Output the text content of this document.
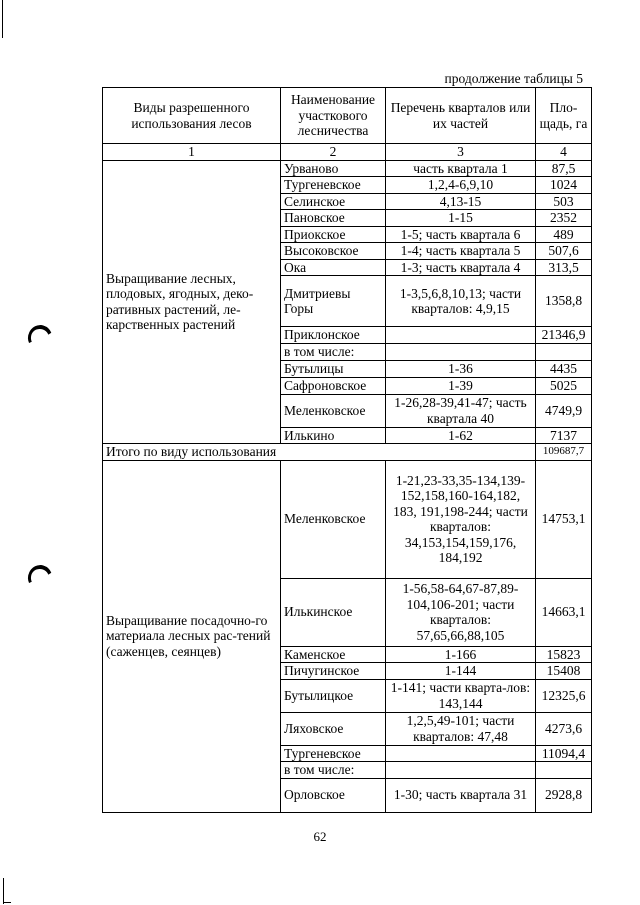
продолжение таблицы 5
Виды разрешенного использования лесов	Наименование участкового лесничества	Перечень кварталов или их частей	Пло-щадь, га
1	2	3	4
Выращивание лесных, плодовых, ягодных, деко-ративных растений, ле-карственных растений	Урваново	часть квартала 1	87,5
	Тургеневское	1,2,4-6,9,10	1024
	Селинское	4,13-15	503
	Пановское	1-15	2352
	Приокское	1-5; часть квартала 6	489
	Высоковское	1-4; часть квартала 5	507,6
	Ока	1-3; часть квартала 4	313,5
	Дмитриевы Горы	1-3,5,6,8,10,13; части кварталов: 4,9,15	1358,8
	Приклонское		21346,9
	в том числе:		
	Бутылицы	1-36	4435
	Сафроновское	1-39	5025
	Меленковское	1-26,28-39,41-47; часть квартала 40	4749,9
	Илькино	1-62	7137
Итого по виду использования			109687,7
Выращивание посадочно-го материала лесных рас-тений (саженцев, сеянцев)	Меленковское	1-21,23-33,35-134,139-152,158,160-164,182, 183, 191,198-244; части кварталов: 34,153,154,159,176, 184,192	14753,1
	Илькинское	1-56,58-64,67-87,89-104,106-201; части кварталов: 57,65,66,88,105	14663,1
	Каменское	1-166	15823
	Пичугинское	1-144	15408
	Бутылицкое	1-141; части кварта-лов: 143,144	12325,6
	Ляховское	1,2,5,49-101; части кварталов: 47,48	4273,6
	Тургеневское		11094,4
	в том числе:		
	Орловское	1-30; часть квартала 31	2928,8
62
